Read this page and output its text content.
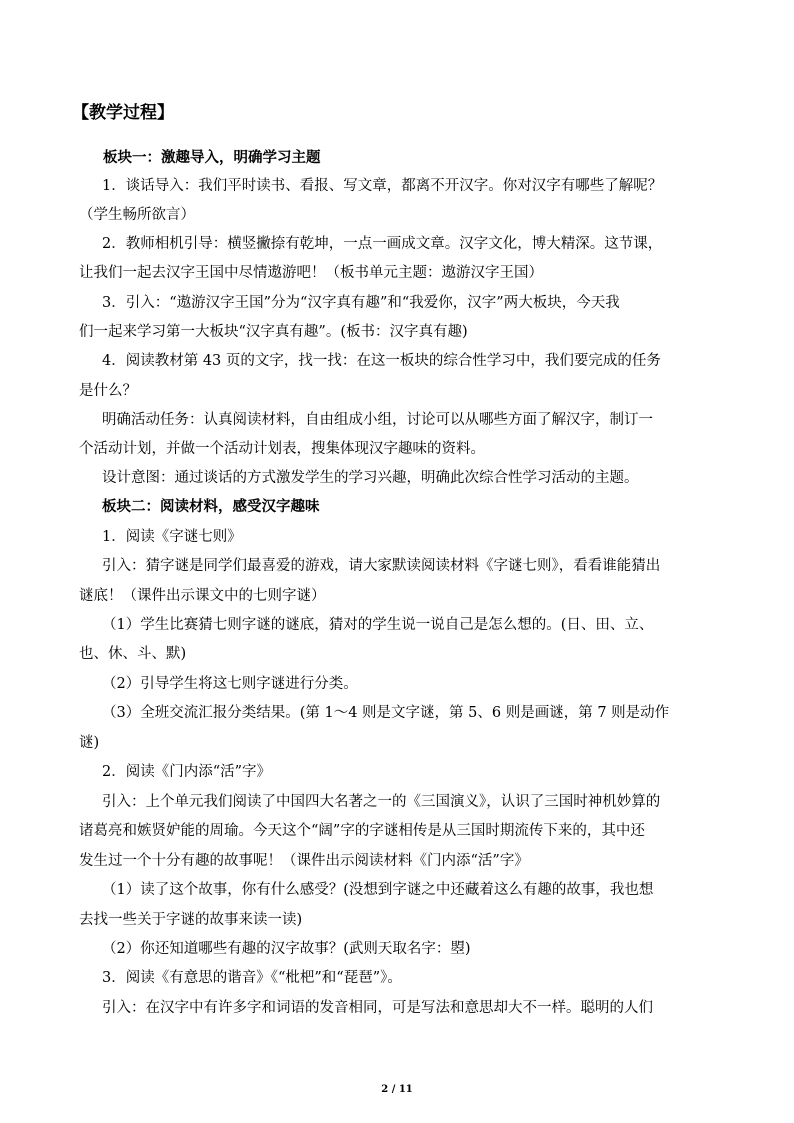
【教学过程】
板块一：激趣导入，明确学习主题
1．谈话导入：我们平时读书、看报、写文章，都离不开汉字。你对汉字有哪些了解呢？
（学生畅所欲言）
2．教师相机引导：横竖撇捺有乾坤，一点一画成文章。汉字文化，博大精深。这节课，
让我们一起去汉字王国中尽情遨游吧！（板书单元主题：遨游汉字王国）
3．引入：“遨游汉字王国”分为“汉字真有趣”和“我爱你，汉字”两大板块，今天我
们一起来学习第一大板块“汉字真有趣”。(板书：汉字真有趣)
4．阅读教材第 43 页的文字，找一找：在这一板块的综合性学习中，我们要完成的任务
是什么？
明确活动任务：认真阅读材料，自由组成小组，讨论可以从哪些方面了解汉字，制订一
个活动计划，并做一个活动计划表，搜集体现汉字趣味的资料。
设计意图：通过谈话的方式激发学生的学习兴趣，明确此次综合性学习活动的主题。
板块二：阅读材料，感受汉字趣味
1．阅读《字谜七则》
引入：猜字谜是同学们最喜爱的游戏，请大家默读阅读材料《字谜七则》，看看谁能猜出
谜底！（课件出示课文中的七则字谜）
（1）学生比赛猜七则字谜的谜底，猜对的学生说一说自己是怎么想的。(日、田、立、
也、休、斗、默)
（2）引导学生将这七则字谜进行分类。
（3）全班交流汇报分类结果。(第 1～4 则是文字谜，第 5、6 则是画谜，第 7 则是动作
谜)
2．阅读《门内添“活”字》
引入：上个单元我们阅读了中国四大名著之一的《三国演义》，认识了三国时神机妙算的
诸葛亮和嫉贤妒能的周瑜。今天这个“阔”字的字谜相传是从三国时期流传下来的，其中还
发生过一个十分有趣的故事呢！（课件出示阅读材料《门内添“活”字》
（1）读了这个故事，你有什么感受？(没想到字谜之中还藏着这么有趣的故事，我也想
去找一些关于字谜的故事来读一读)
（2）你还知道哪些有趣的汉字故事？(武则天取名字：曌)
3．阅读《有意思的谐音》《“枇杷”和“琵琶”》。
引入：在汉字中有许多字和词语的发音相同，可是写法和意思却大不一样。聪明的人们
2 / 11
